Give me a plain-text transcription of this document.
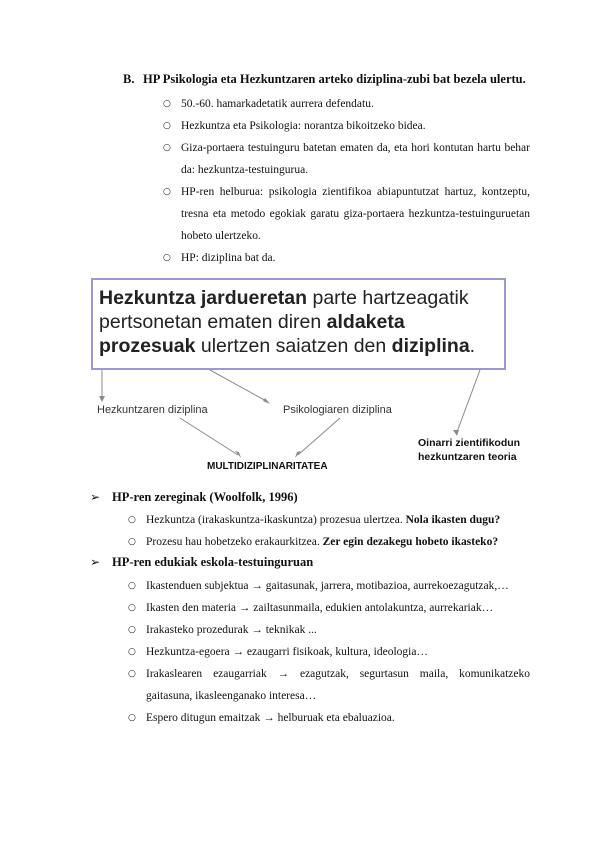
B. HP Psikologia eta Hezkuntzaren arteko diziplina-zubi bat bezela ulertu.
○ 50.-60. hamarkadetatik aurrera defendatu.
○ Hezkuntza eta Psikologia: norantza bikoitzeko bidea.
○ Giza-portaera testuinguru batetan ematen da, eta hori kontutan hartu behar da: hezkuntza-testuingurua.
○ HP-ren helburua: psikologia zientifikoa abiapuntutzat hartuz, kontzeptu, tresna eta metodo egokiak garatu giza-portaera hezkuntza-testuinguruetan hobeto ulertzeko.
○ HP: diziplina bat da.
Hezkuntza jardueretan parte hartzeagatik
pertsonetan ematen diren aldaketa
prozesuak ulertzen saiatzen den diziplina.
Hezkuntzaren diziplina	Psikologiaren diziplina
Oinarri zientifikodun
hezkuntzaren teoria
MULTIDIZIPLINARITATEA
➢ HP-ren zereginak (Woolfolk, 1996)
○ Hezkuntza (irakaskuntza-ikaskuntza) prozesua ulertzea. Nola ikasten dugu?
○ Prozesu hau hobetzeko erakaurkitzea. Zer egin dezakegu hobeto ikasteko?
➢ HP-ren edukiak eskola-testuinguruan
○ Ikastenduen subjektua → gaitasunak, jarrera, motibazioa, aurrekoezagutzak,…
○ Ikasten den materia → zailtasunmaila, edukien antolakuntza, aurrekariak…
○ Irakasteko prozedurak → teknikak ...
○ Hezkuntza-egoera → ezaugarri fisikoak, kultura, ideologia…
○ Irakaslearen ezaugarriak → ezagutzak, segurtasun maila, komunikatzeko gaitasuna, ikasleenganako interesa…
○ Espero ditugun emaitzak → helburuak eta ebaluazioa.
